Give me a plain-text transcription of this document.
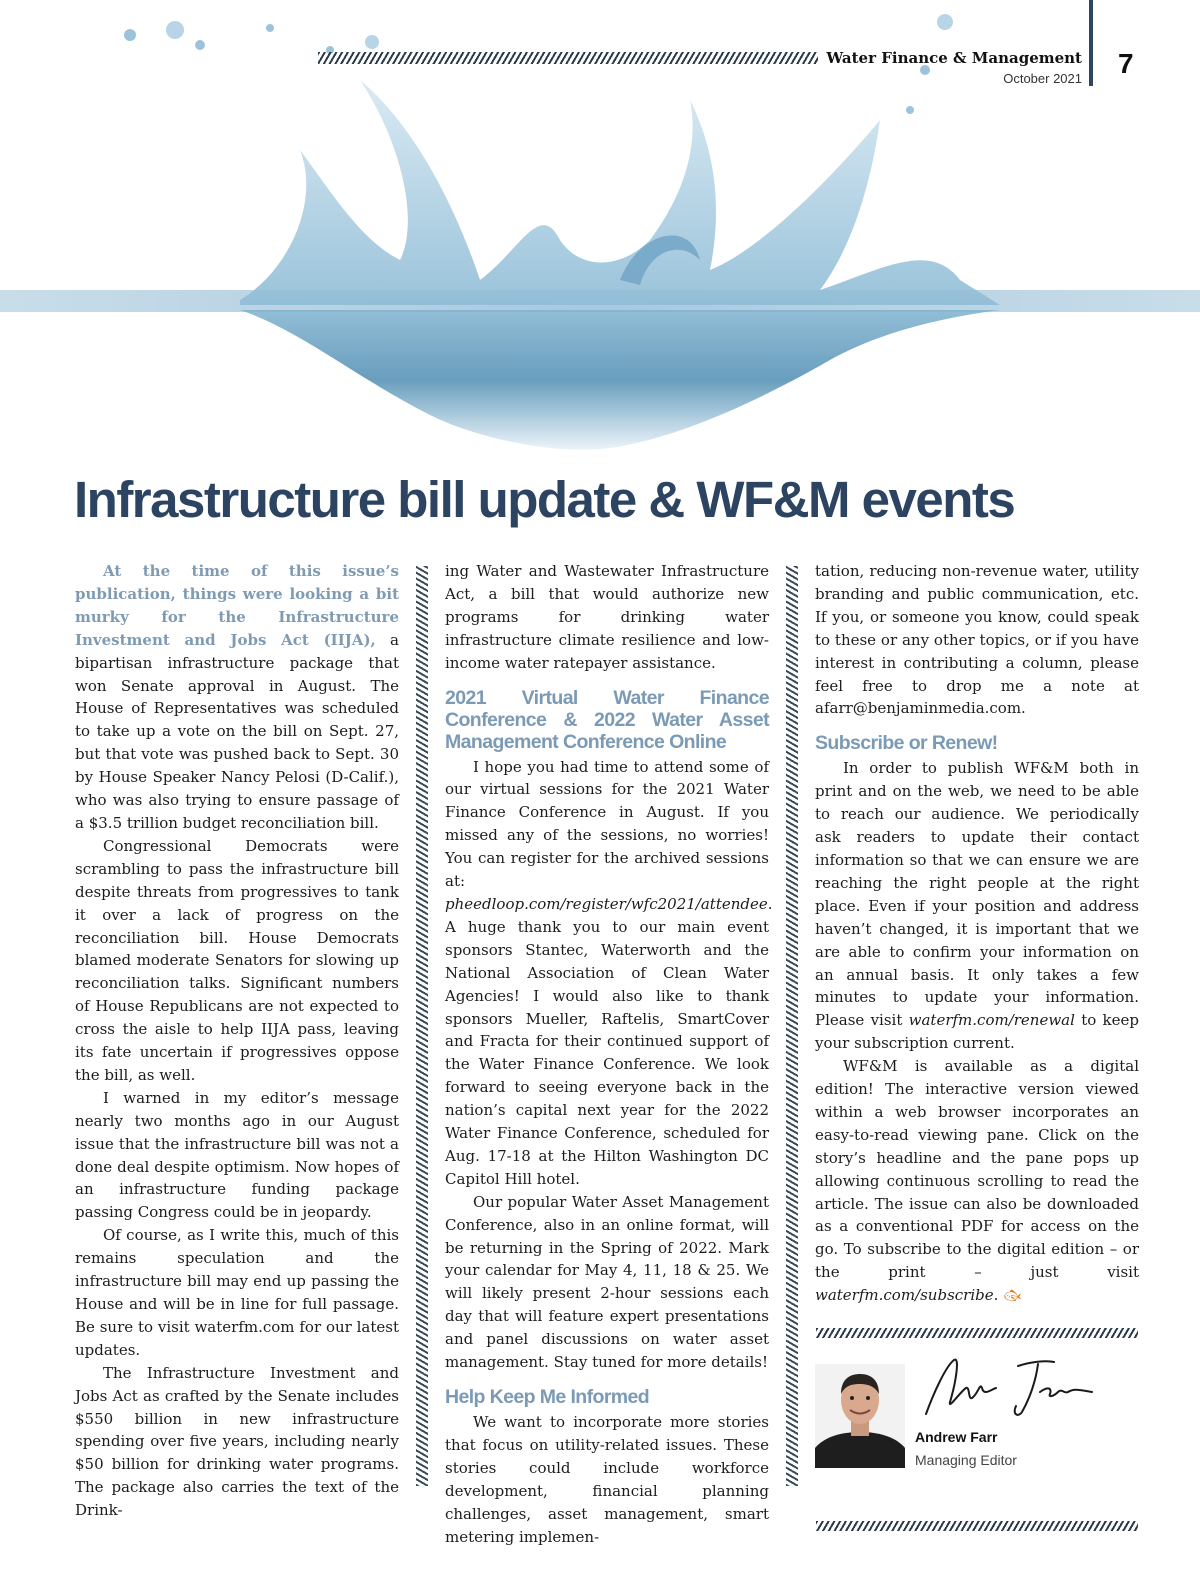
Water Finance & Management
October 2021 7
Infrastructure bill update & WF&M events

At the time of this issue’s publication, things were looking a bit murky for the Infrastructure Investment and Jobs Act (IIJA), a bipartisan infrastructure package that won Senate approval in August. The House of Representatives was scheduled to take up a vote on the bill on Sept. 27, but that vote was pushed back to Sept. 30 by House Speaker Nancy Pelosi (D-Calif.), who was also trying to ensure passage of a $3.5 trillion budget reconciliation bill.

Congressional Democrats were scrambling to pass the infrastructure bill despite threats from progressives to tank it over a lack of progress on the reconciliation bill. House Democrats blamed moderate Senators for slowing up reconciliation talks. Significant numbers of House Republicans are not expected to cross the aisle to help IIJA pass, leaving its fate uncertain if progressives oppose the bill, as well.

I warned in my editor’s message nearly two months ago in our August issue that the infrastructure bill was not a done deal despite optimism. Now hopes of an infrastructure funding package passing Congress could be in jeopardy.

Of course, as I write this, much of this remains speculation and the infrastructure bill may end up passing the House and will be in line for full passage. Be sure to visit waterfm.com for our latest updates.

The Infrastructure Investment and Jobs Act as crafted by the Senate includes $550 billion in new infrastructure spending over five years, including nearly $50 billion for drinking water programs. The package also carries the text of the Drink-

ing Water and Wastewater Infrastructure Act, a bill that would authorize new programs for drinking water infrastructure climate resilience and low-income water ratepayer assistance.

2021 Virtual Water Finance Conference & 2022 Water Asset Management Conference Online

I hope you had time to attend some of our virtual sessions for the 2021 Water Finance Conference in August. If you missed any of the sessions, no worries! You can register for the archived sessions at: pheedloop.com/register/wfc2021/attendee. A huge thank you to our main event sponsors Stantec, Waterworth and the National Association of Clean Water Agencies! I would also like to thank sponsors Mueller, Raftelis, SmartCover and Fracta for their continued support of the Water Finance Conference. We look forward to seeing everyone back in the nation’s capital next year for the 2022 Water Finance Conference, scheduled for Aug. 17-18 at the Hilton Washington DC Capitol Hill hotel.

Our popular Water Asset Management Conference, also in an online format, will be returning in the Spring of 2022. Mark your calendar for May 4, 11, 18 & 25. We will likely present 2-hour sessions each day that will feature expert presentations and panel discussions on water asset management. Stay tuned for more details!

Help Keep Me Informed

We want to incorporate more stories that focus on utility-related issues. These stories could include workforce development, financial planning challenges, asset management, smart metering implemen-

tation, reducing non-revenue water, utility branding and public communication, etc. If you, or someone you know, could speak to these or any other topics, or if you have interest in contributing a column, please feel free to drop me a note at afarr@benjaminmedia.com.

Subscribe or Renew!

In order to publish WF&M both in print and on the web, we need to be able to reach our audience. We periodically ask readers to update their contact information so that we can ensure we are reaching the right people at the right place. Even if your position and address haven’t changed, it is important that we are able to confirm your information on an annual basis. It only takes a few minutes to update your information. Please visit waterfm.com/renewal to keep your subscription current.

WF&M is available as a digital edition! The interactive version viewed within a web browser incorporates an easy-to-read viewing pane. Click on the story’s headline and the pane pops up allowing continuous scrolling to read the article. The issue can also be downloaded as a conventional PDF for access on the go. To subscribe to the digital edition – or the print – just visit waterfm.com/subscribe. 🐟︎

Andrew Farr
Managing Editor
